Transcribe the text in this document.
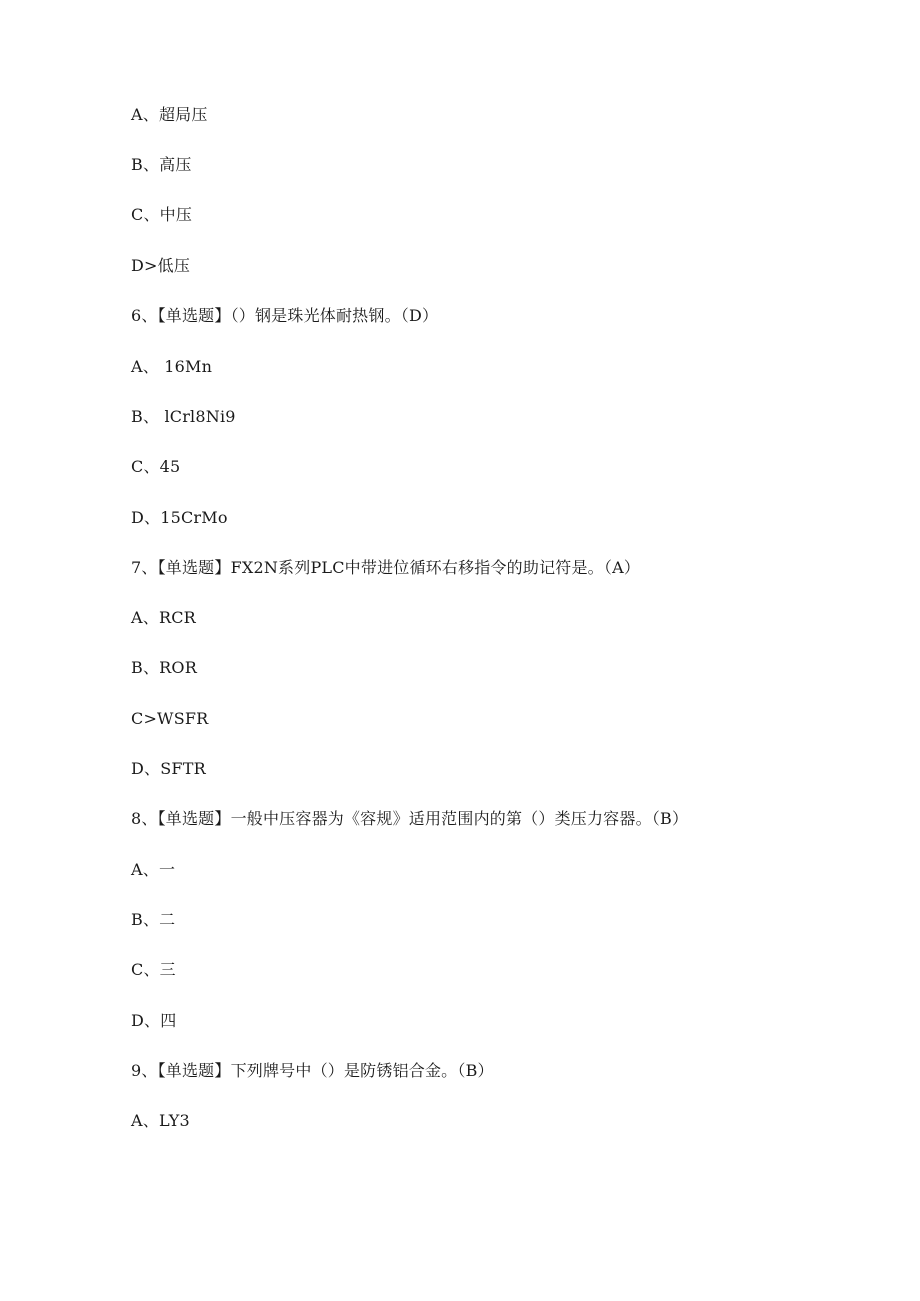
A、超局压
B、高压
C、中压
D>低压
6、【单选题】（）钢是珠光体耐热钢。（D）
A、 16Mn
B、 lCrl8Ni9
C、45
D、15CrMo
7、【单选题】FX2N系列PLC中带进位循环右移指令的助记符是。（A）
A、RCR
B、ROR
C>WSFR
D、SFTR
8、【单选题】一般中压容器为《容规》适用范围内的第（）类压力容器。（B）
A、一
B、二
C、三
D、四
9、【单选题】下列牌号中（）是防锈铝合金。（B）
A、LY3
